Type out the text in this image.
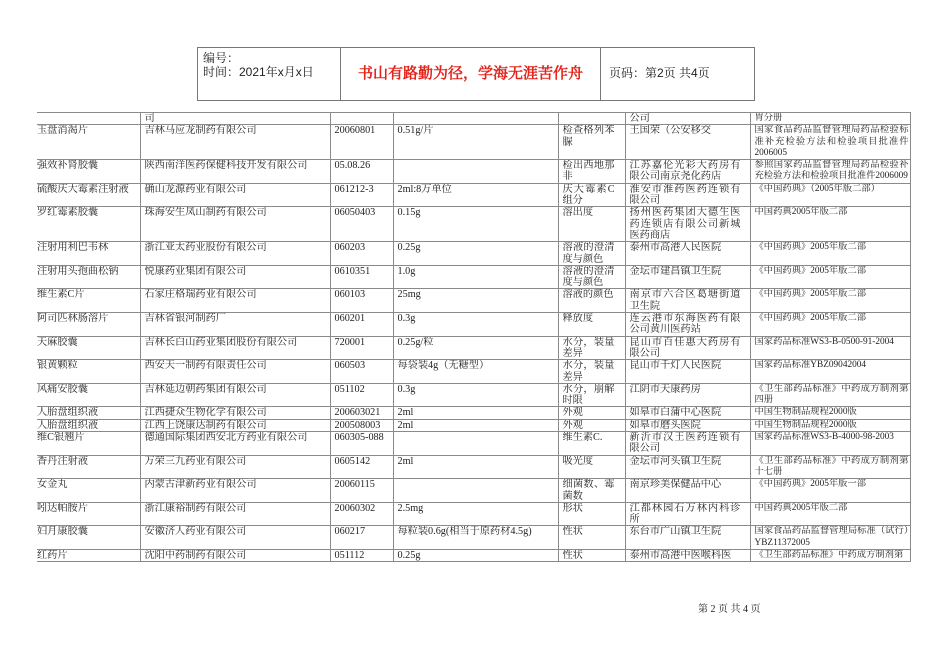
编号：
时间：2021年x月x日	书山有路勤为径，学海无涯苦作舟 页码：第2页 共4页
	司				公司	胃分册
玉盘消渴片	吉林马应龙制药有限公司	20060801	0.51g/片	检查格列苯脲	王国荣（公安移交	国家食品药品监督管理局药品检验标准补充检验方法和检验项目批准件2006005
强效补肾胶囊	陕西南洋医药保健科技开发有限公司	05.08.26		检出西地那非	江苏嘉伦光彩大药房有限公司南京尧化药店	参照国家药品监督管理局药品检验补充检验方法和检验项目批准件2006009
硫酸庆大霉素注射液	确山龙源药业有限公司	061212-3	2ml:8万单位	庆大霉素C组分	淮安市淮药医药连锁有限公司	《中国药典》（2005年版二部）
罗红霉素胶囊	珠海安生凤山制药有限公司	06050403	0.15g	溶出度	扬州医药集团大德生医药连锁店有限公司新城医药商店	中国药典2005年版二部
注射用利巴韦林	浙江亚太药业股份有限公司	060203	0.25g	溶液的澄清度与颜色	泰州市高港人民医院	《中国药典》2005年版二部
注射用头孢曲松钠	悦康药业集团有限公司	0610351	1.0g	溶液的澄清度与颜色	金坛市建昌镇卫生院	《中国药典》2005年版二部
维生素C片	石家庄格瑞药业有限公司	060103	25mg	溶液的颜色	南京市六合区葛塘街道卫生院	《中国药典》2005年版二部
阿司匹林肠溶片	吉林省银河制药厂	060201	0.3g	释放度	连云港市东海医药有限公司黄川医药站	《中国药典》2005年版二部
天麻胶囊	吉林长白山药业集团股份有限公司	720001	0.25g/粒	水分，装量差异	昆山市百佳惠大药房有限公司	国家药品标准WS3-B-0500-91-2004
银黄颗粒	西安天一制药有限责任公司	060503	每袋装4g（无糖型）	水分，装量差异	昆山市千灯人民医院	国家药品标准YBZ09042004
风痛安胶囊	吉林延边朝药集团有限公司	051102	0.3g	水分，崩解时限	江阴市天康药房	《卫生部药品标准》中药成方制剂第四册
人胎盘组织液	江西捷众生物化学有限公司	200603021	2ml	外观	如皋市白蒲中心医院	中国生物制品规程2000版
人胎盘组织液	江西上饶康达制药有限公司	200508003	2ml	外观	如皋市磨头医院	中国生物制品规程2000版
维C银翘片	德通国际集团西安北方药业有限公司	060305-088		维生素C.	新沂市汉王医药连锁有限公司	国家药品标准WS3-B-4000-98-2003
香丹注射液	万荣三九药业有限公司	0605142	2ml	吸光度	金坛市河头镇卫生院	《卫生部药品标准》中药成方制剂第十七册
女金丸	内蒙古津新药业有限公司	20060115		细菌数、霉菌数	南京珍美保健品中心	《中国药典》2005年版一部
吲达帕胺片	浙江康裕制药有限公司	20060302	2.5mg	形状	江都林园石万林内科诊所	中国药典2005年版二部
妇月康胶囊	安徽济人药业有限公司	060217	每粒装0.6g(相当于原药材4.5g)	性状	东台市广山镇卫生院	国家食品药品监督管理局标准（试行）YBZ11372005
红药片	沈阳中药制药有限公司	051112	0.25g	性状	泰州市高港中医喉科医	《卫生部药品标准》中药成方制剂第
第 2 页 共 4 页
